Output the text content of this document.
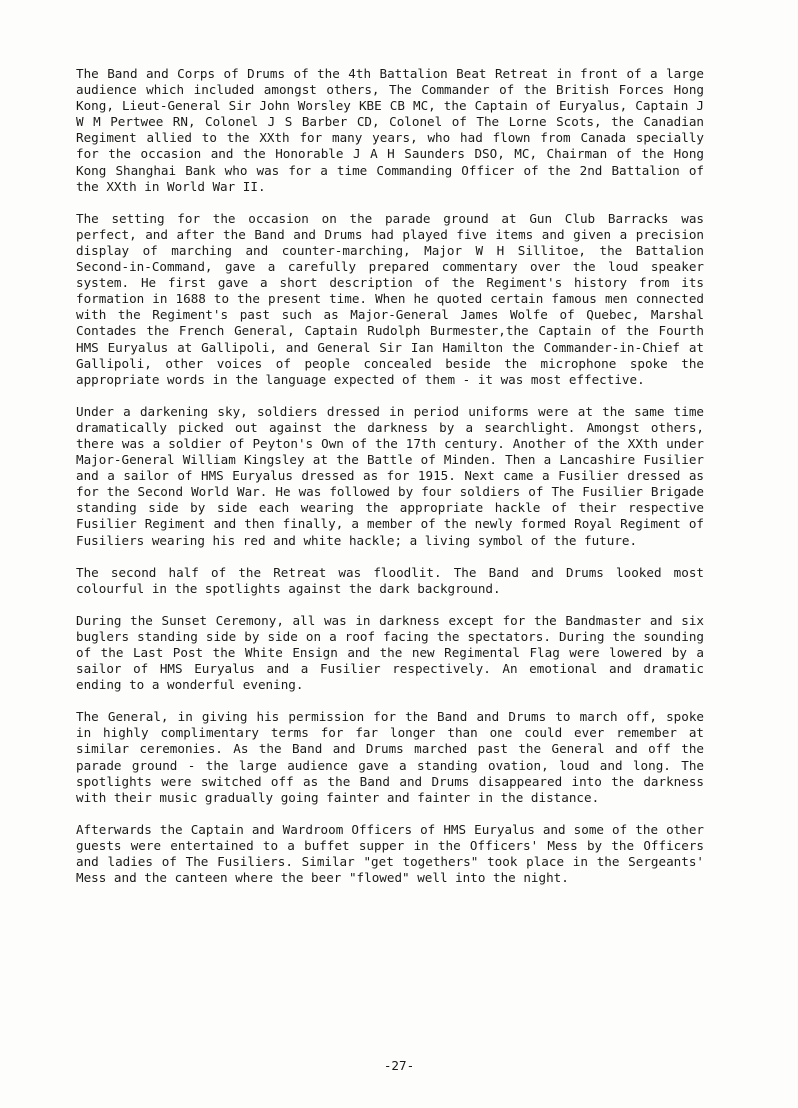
The Band and Corps of Drums of the 4th Battalion Beat Retreat in front of a large audience which included amongst others, The Commander of the British Forces Hong Kong, Lieut-General Sir John Worsley KBE CB MC, the Captain of Euryalus, Captain J W M Pertwee RN, Colonel J S Barber CD, Colonel of The Lorne Scots, the Canadian Regiment allied to the XXth for many years, who had flown from Canada specially for the occasion and the Honorable J A H Saunders DSO, MC, Chairman of the Hong Kong Shanghai Bank who was for a time Commanding Officer of the 2nd Battalion of the XXth in World War II.

The setting for the occasion on the parade ground at Gun Club Barracks was perfect, and after the Band and Drums had played five items and given a precision display of marching and counter-marching, Major W H Sillitoe, the Battalion Second-in-Command, gave a carefully prepared commentary over the loud speaker system. He first gave a short description of the Regiment's history from its formation in 1688 to the present time. When he quoted certain famous men connected with the Regiment's past such as Major-General James Wolfe of Quebec, Marshal Contades the French General, Captain Rudolph Burmester,the Captain of the Fourth HMS Euryalus at Gallipoli, and General Sir Ian Hamilton the Commander-in-Chief at Gallipoli, other voices of people concealed beside the microphone spoke the appropriate words in the language expected of them - it was most effective.

Under a darkening sky, soldiers dressed in period uniforms were at the same time dramatically picked out against the darkness by a searchlight. Amongst others, there was a soldier of Peyton's Own of the 17th century. Another of the XXth under Major-General William Kingsley at the Battle of Minden. Then a Lancashire Fusilier and a sailor of HMS Euryalus dressed as for 1915. Next came a Fusilier dressed as for the Second World War. He was followed by four soldiers of The Fusilier Brigade standing side by side each wearing the appropriate hackle of their respective Fusilier Regiment and then finally, a member of the newly formed Royal Regiment of Fusiliers wearing his red and white hackle; a living symbol of the future.

The second half of the Retreat was floodlit. The Band and Drums looked most colourful in the spotlights against the dark background.

During the Sunset Ceremony, all was in darkness except for the Bandmaster and six buglers standing side by side on a roof facing the spectators. During the sounding of the Last Post the White Ensign and the new Regimental Flag were lowered by a sailor of HMS Euryalus and a Fusilier respectively. An emotional and dramatic ending to a wonderful evening.

The General, in giving his permission for the Band and Drums to march off, spoke in highly complimentary terms for far longer than one could ever remember at similar ceremonies. As the Band and Drums marched past the General and off the parade ground - the large audience gave a standing ovation, loud and long. The spotlights were switched off as the Band and Drums disappeared into the darkness with their music gradually going fainter and fainter in the distance.

Afterwards the Captain and Wardroom Officers of HMS Euryalus and some of the other guests were entertained to a buffet supper in the Officers' Mess by the Officers and ladies of The Fusiliers. Similar "get togethers" took place in the Sergeants' Mess and the canteen where the beer "flowed" well into the night.

-27-
